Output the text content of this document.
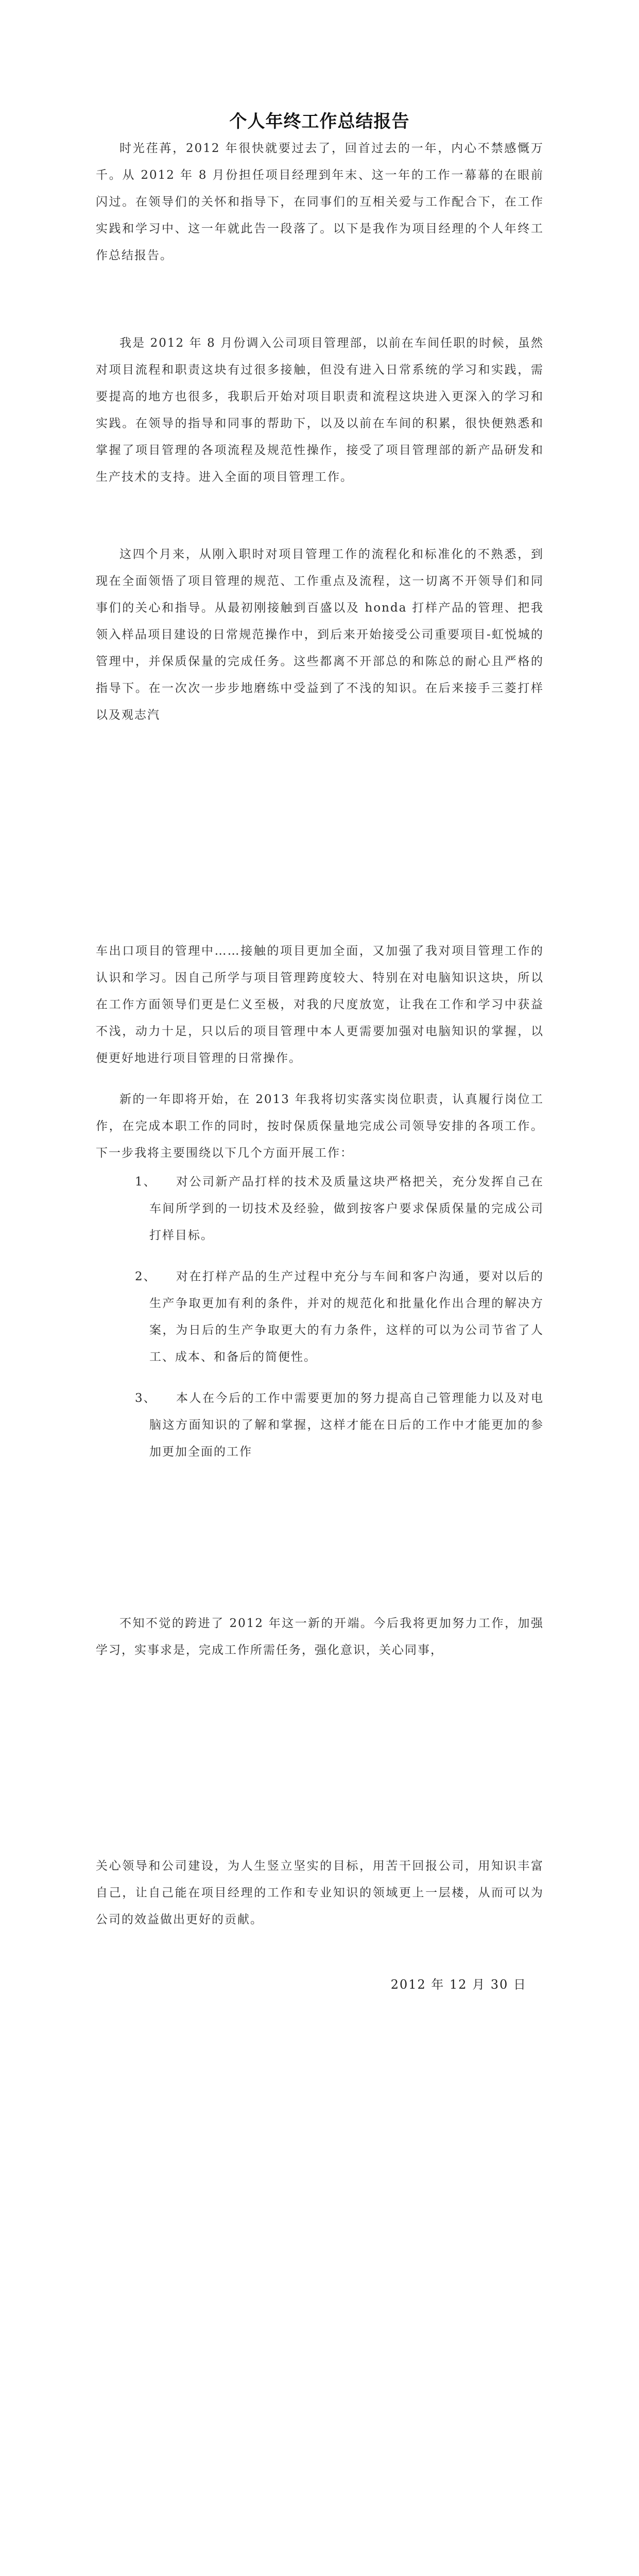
个人年终工作总结报告

时光荏苒，2012 年很快就要过去了，回首过去的一年，内心不禁感慨万千。从 2012 年 8 月份担任项目经理到年末、这一年的工作一幕幕的在眼前闪过。在领导们的关怀和指导下，在同事们的互相关爱与工作配合下，在工作实践和学习中、这一年就此告一段落了。以下是我作为项目经理的个人年终工作总结报告。

我是 2012 年 8 月份调入公司项目管理部，以前在车间任职的时候，虽然对项目流程和职责这块有过很多接触，但没有进入日常系统的学习和实践，需要提高的地方也很多，我职后开始对项目职责和流程这块进入更深入的学习和实践。在领导的指导和同事的帮助下，以及以前在车间的积累，很快便熟悉和掌握了项目管理的各项流程及规范性操作，接受了项目管理部的新产品研发和生产技术的支持。进入全面的项目管理工作。

这四个月来，从刚入职时对项目管理工作的流程化和标准化的不熟悉，到现在全面领悟了项目管理的规范、工作重点及流程，这一切离不开领导们和同事们的关心和指导。从最初刚接触到百盛以及 honda 打样产品的管理、把我领入样品项目建设的日常规范操作中，到后来开始接受公司重要项目-虹悦城的管理中，并保质保量的完成任务。这些都离不开部总的和陈总的耐心且严格的指导下。在一次次一步步地磨练中受益到了不浅的知识。在后来接手三菱打样以及观志汽

车出口项目的管理中……接触的项目更加全面，又加强了我对项目管理工作的认识和学习。因自己所学与项目管理跨度较大、特别在对电脑知识这块，所以在工作方面领导们更是仁义至极，对我的尺度放宽，让我在工作和学习中获益不浅，动力十足，只以后的项目管理中本人更需要加强对电脑知识的掌握，以便更好地进行项目管理的日常操作。

新的一年即将开始，在 2013 年我将切实落实岗位职责，认真履行岗位工作，在完成本职工作的同时，按时保质保量地完成公司领导安排的各项工作。下一步我将主要围绕以下几个方面开展工作：

1、	对公司新产品打样的技术及质量这块严格把关，充分发挥自己在车间所学到的一切技术及经验，做到按客户要求保质保量的完成公司打样目标。
2、	对在打样产品的生产过程中充分与车间和客户沟通，要对以后的生产争取更加有利的条件，并对的规范化和批量化作出合理的解决方案，为日后的生产争取更大的有力条件，这样的可以为公司节省了人工、成本、和备后的简便性。
3、	本人在今后的工作中需要更加的努力提高自己管理能力以及对电脑这方面知识的了解和掌握，这样才能在日后的工作中才能更加的参加更加全面的工作

不知不觉的跨进了 2012 年这一新的开端。今后我将更加努力工作，加强学习，实事求是，完成工作所需任务，强化意识，关心同事，

关心领导和公司建设，为人生竖立坚实的目标，用苦干回报公司，用知识丰富自己，让自己能在项目经理的工作和专业知识的领域更上一层楼，从而可以为公司的效益做出更好的贡献。

2012 年 12 月 30 日
